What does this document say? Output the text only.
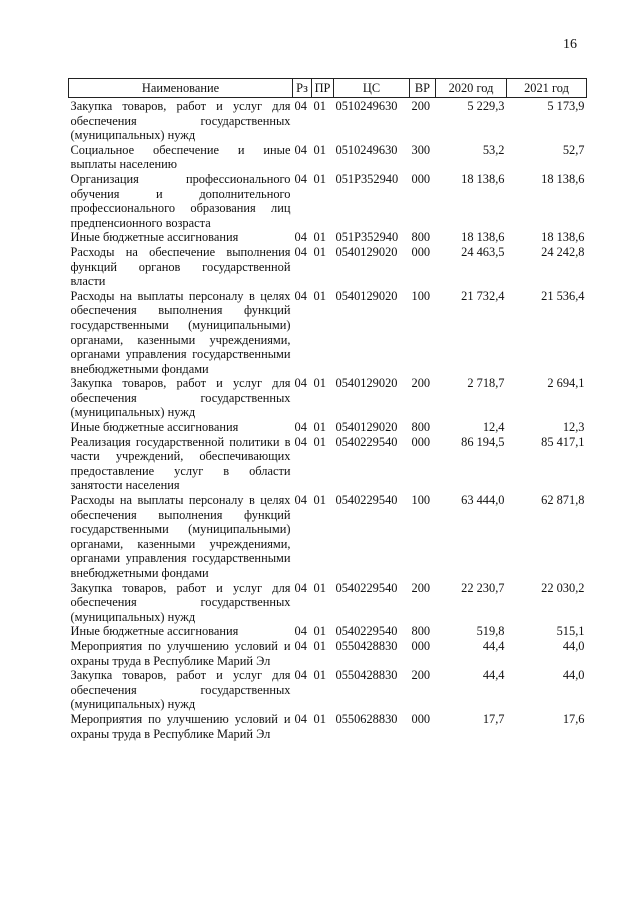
16
Наименование	Рз	ПР	ЦС	ВР	2020 год	2021 год
Закупка товаров, работ и услуг для обеспечения государственных (муниципальных) нужд	04	01	0510249630	200	5 229,3	5 173,9
Социальное обеспечение и иные выплаты населению	04	01	0510249630	300	53,2	52,7
Организация профессионального обучения и дополнительного профессионального образования лиц предпенсионного возраста	04	01	051P352940	000	18 138,6	18 138,6
Иные бюджетные ассигнования	04	01	051P352940	800	18 138,6	18 138,6
Расходы на обеспечение выполнения функций органов государственной власти	04	01	0540129020	000	24 463,5	24 242,8
Расходы на выплаты персоналу в целях обеспечения выполнения функций государственными (муниципальными) органами, казенными учреждениями, органами управления государственными внебюджетными фондами	04	01	0540129020	100	21 732,4	21 536,4
Закупка товаров, работ и услуг для обеспечения государственных (муниципальных) нужд	04	01	0540129020	200	2 718,7	2 694,1
Иные бюджетные ассигнования	04	01	0540129020	800	12,4	12,3
Реализация государственной политики в части учреждений, обеспечивающих предоставление услуг в области занятости населения	04	01	0540229540	000	86 194,5	85 417,1
Расходы на выплаты персоналу в целях обеспечения выполнения функций государственными (муниципальными) органами, казенными учреждениями, органами управления государственными внебюджетными фондами	04	01	0540229540	100	63 444,0	62 871,8
Закупка товаров, работ и услуг для обеспечения государственных (муниципальных) нужд	04	01	0540229540	200	22 230,7	22 030,2
Иные бюджетные ассигнования	04	01	0540229540	800	519,8	515,1
Мероприятия по улучшению условий и охраны труда в Республике Марий Эл	04	01	0550428830	000	44,4	44,0
Закупка товаров, работ и услуг для обеспечения государственных (муниципальных) нужд	04	01	0550428830	200	44,4	44,0
Мероприятия по улучшению условий и охраны труда в Республике Марий Эл	04	01	0550628830	000	17,7	17,6
